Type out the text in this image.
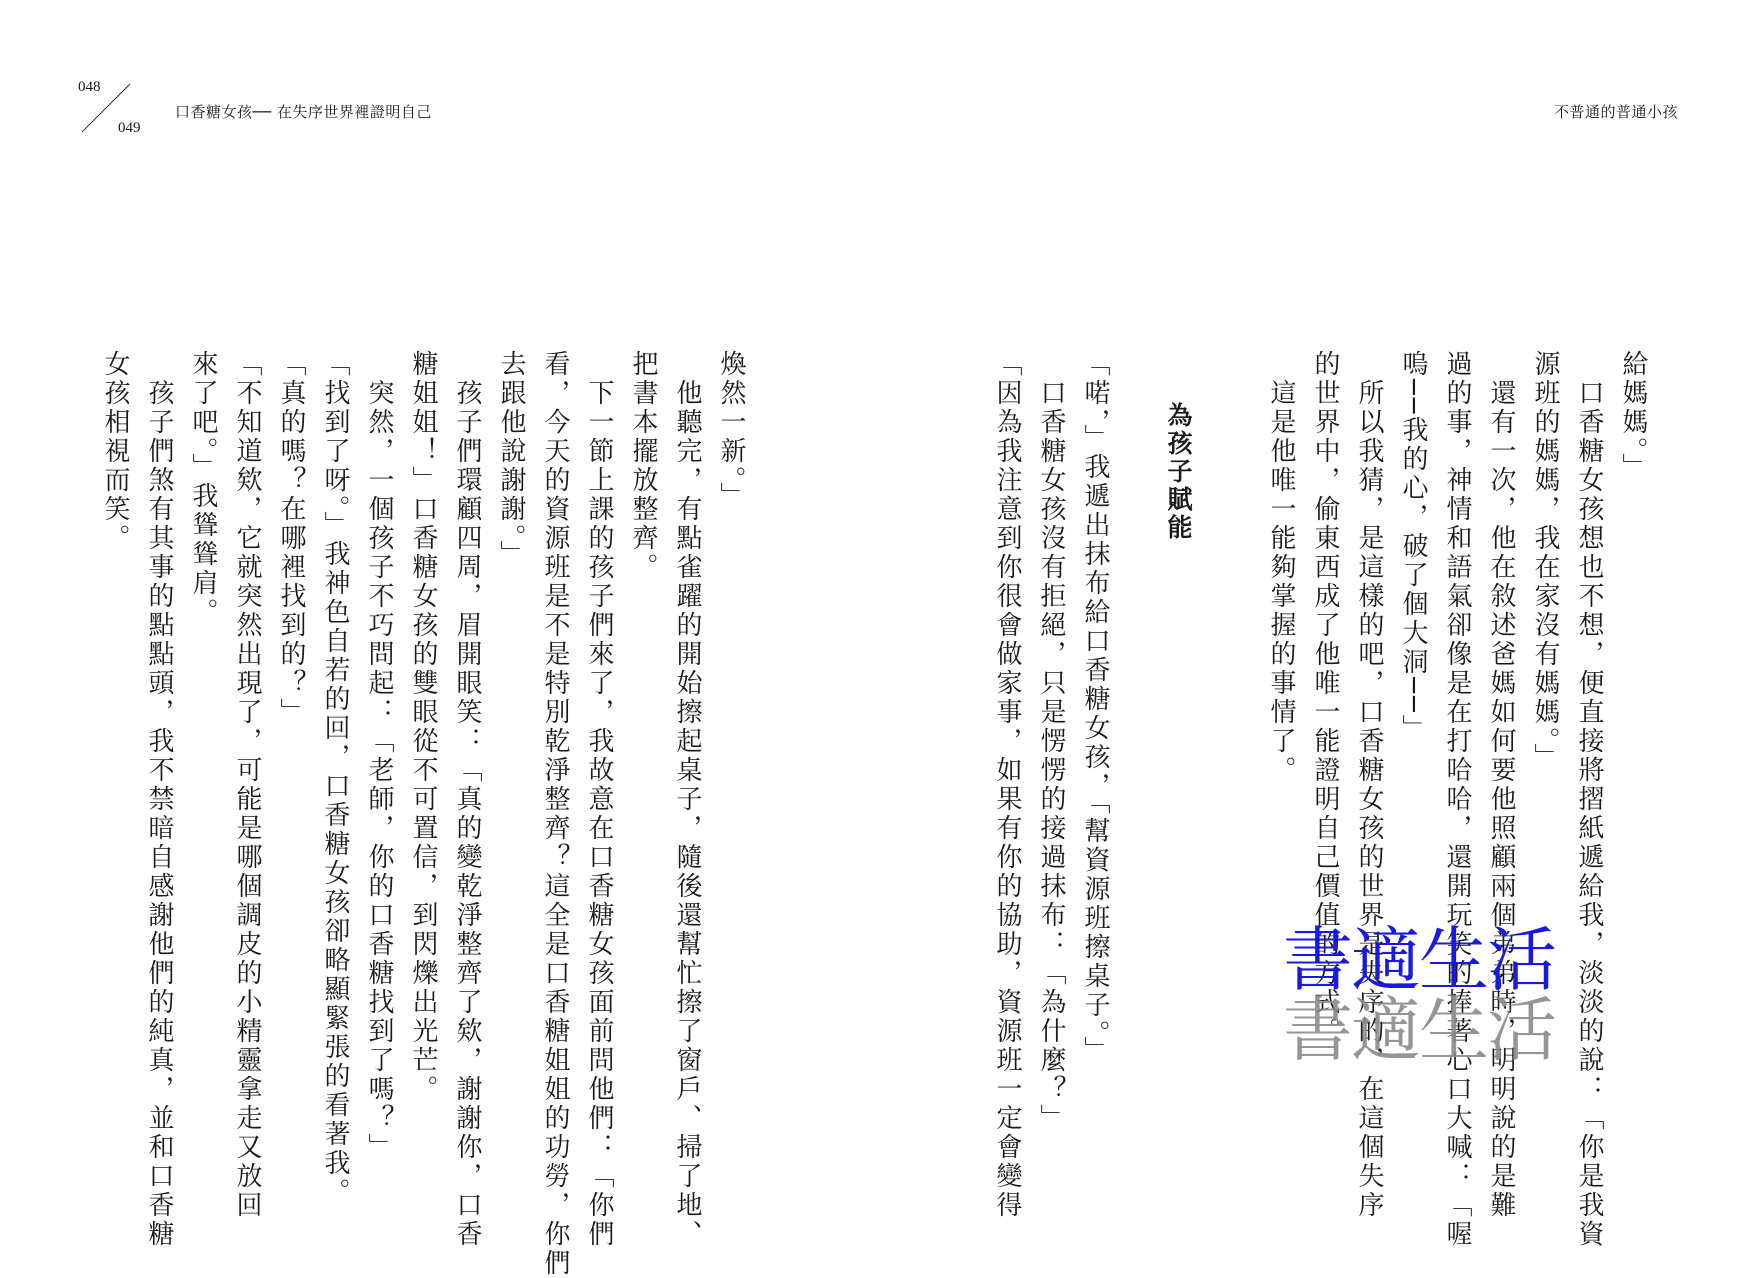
048
049
口香糖女孩── 在失序世界裡證明自己	不普通的普通小孩
給媽媽。」
　口香糖女孩想也不想，便直接將摺紙遞給我，淡淡的說：「你是我資
源班的媽媽，我在家沒有媽媽。」
　還有一次，他在敘述爸媽如何要他照顧兩個弟弟時，明明說的是難
過的事，神情和語氣卻像是在打哈哈，還開玩笑的捧著心口大喊：「喔
嗚──我的心，破了個大洞──」
　所以我猜，是這樣的吧，口香糖女孩的世界是失序的，在這個失序
的世界中，偷東西成了他唯一能證明自己價值的方式。
　這是他唯一能夠掌握的事情了。
為孩子賦能
「喏，」我遞出抹布給口香糖女孩，「幫資源班擦桌子。」
　口香糖女孩沒有拒絕，只是愣愣的接過抹布：「為什麼？」
「因為我注意到你很會做家事，如果有你的協助，資源班一定會變得
煥然一新。」
　他聽完，有點雀躍的開始擦起桌子，隨後還幫忙擦了窗戶、掃了地、
把書本擺放整齊。
　下一節上課的孩子們來了，我故意在口香糖女孩面前問他們：「你們
看，今天的資源班是不是特別乾淨整齊？這全是口香糖姐姐的功勞，你們
去跟他說謝謝。」
　孩子們環顧四周，眉開眼笑：「真的變乾淨整齊了欸，謝謝你，口香
糖姐姐！」口香糖女孩的雙眼從不可置信，到閃爍出光芒。
　突然，一個孩子不巧問起：「老師，你的口香糖找到了嗎？」
「找到了呀。」我神色自若的回，口香糖女孩卻略顯緊張的看著我。
「真的嗎？在哪裡找到的？」
「不知道欸，它就突然出現了，可能是哪個調皮的小精靈拿走又放回
來了吧。」我聳聳肩。
　孩子們煞有其事的點點頭，我不禁暗自感謝他們的純真，並和口香糖
女孩相視而笑。
書適生活
書適生活
